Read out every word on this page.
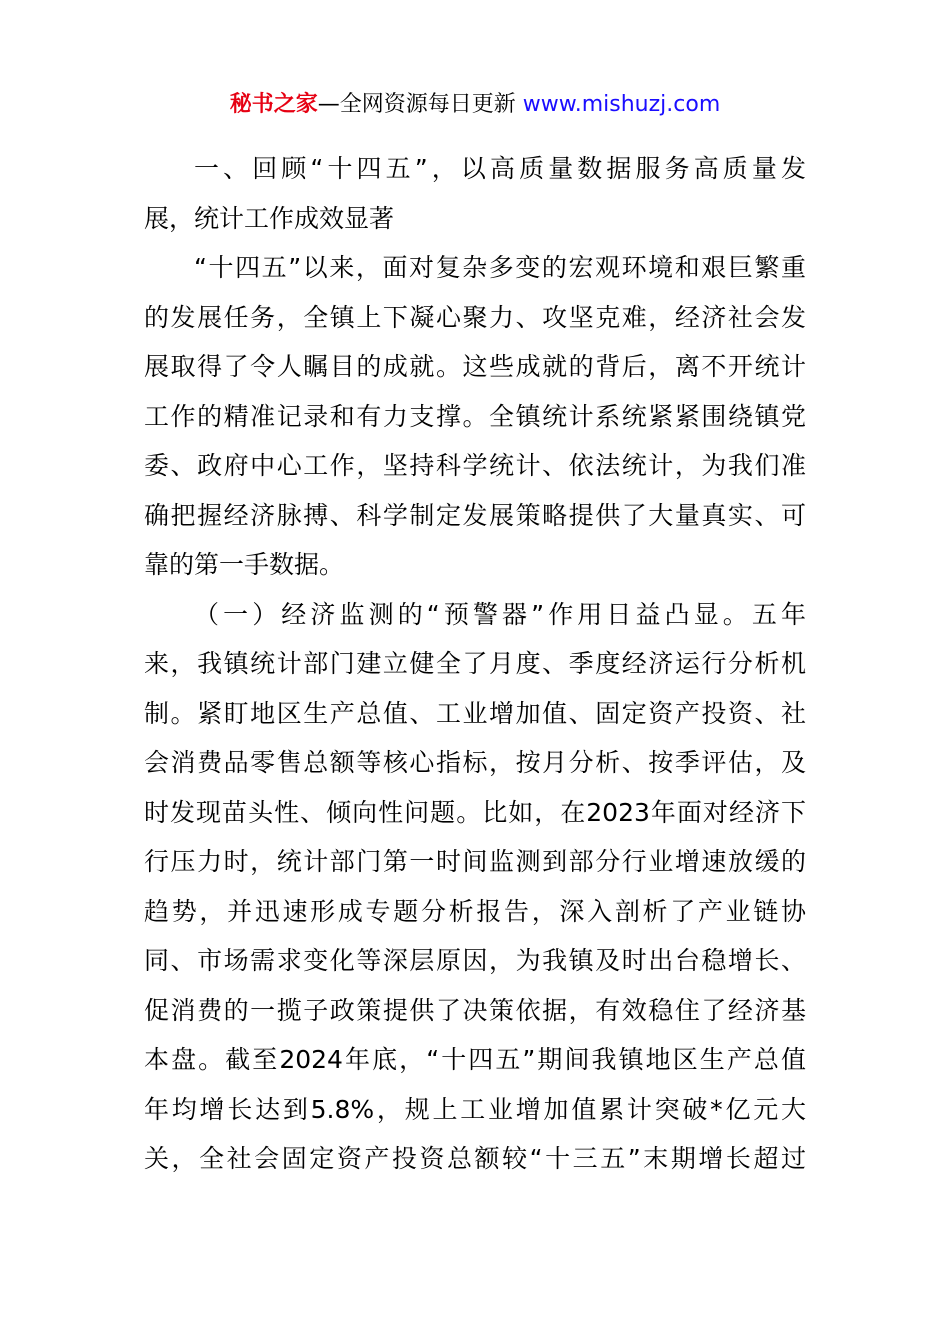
秘书之家—全网资源每日更新 www.mishuzj.com
一、回顾“十四五”，以高质量数据服务高质量发
展，统计工作成效显著
“十四五”以来，面对复杂多变的宏观环境和艰巨繁重
的发展任务，全镇上下凝心聚力、攻坚克难，经济社会发
展取得了令人瞩目的成就。这些成就的背后，离不开统计
工作的精准记录和有力支撑。全镇统计系统紧紧围绕镇党
委、政府中心工作，坚持科学统计、依法统计，为我们准
确把握经济脉搏、科学制定发展策略提供了大量真实、可
靠的第一手数据。
（一）经济监测的“预警器”作用日益凸显。五年
来，我镇统计部门建立健全了月度、季度经济运行分析机
制。紧盯地区生产总值、工业增加值、固定资产投资、社
会消费品零售总额等核心指标，按月分析、按季评估，及
时发现苗头性、倾向性问题。比如，在2023年面对经济下
行压力时，统计部门第一时间监测到部分行业增速放缓的
趋势，并迅速形成专题分析报告，深入剖析了产业链协
同、市场需求变化等深层原因，为我镇及时出台稳增长、
促消费的一揽子政策提供了决策依据，有效稳住了经济基
本盘。截至2024年底，“十四五”期间我镇地区生产总值
年均增长达到5.8%，规上工业增加值累计突破*亿元大
关，全社会固定资产投资总额较“十三五”末期增长超过
